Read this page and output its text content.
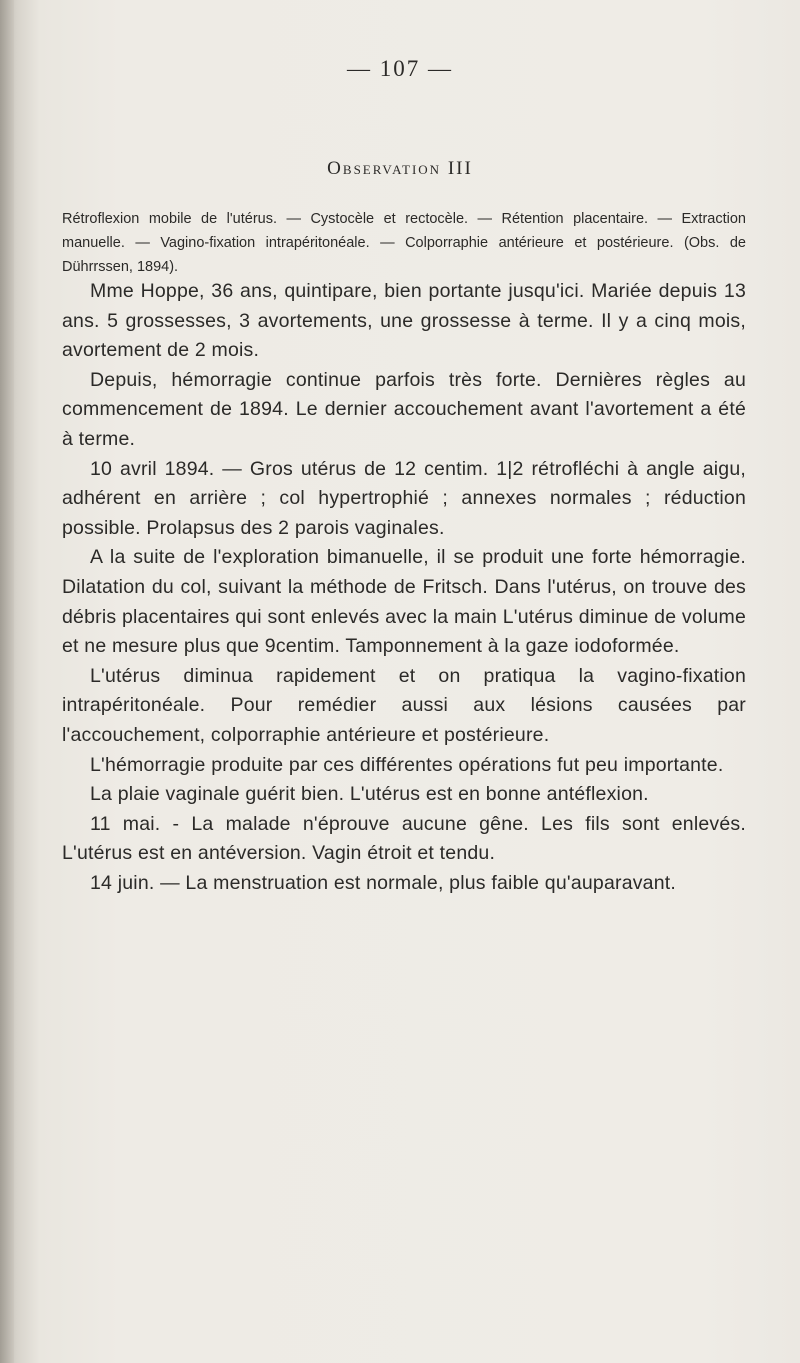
— 107 —
Observation III
Rétroflexion mobile de l'utérus. — Cystocèle et rectocèle. — Rétention placentaire. — Extraction manuelle. — Vagino-fixation intrapéritonéale. — Colporraphie antérieure et postérieure. (Obs. de Dührrssen, 1894).

Mme Hoppe, 36 ans, quintipare, bien portante jusqu'ici. Mariée depuis 13 ans. 5 grossesses, 3 avortements, une grossesse à terme. Il y a cinq mois, avortement de 2 mois.

Depuis, hémorragie continue parfois très forte. Dernières règles au commencement de 1894. Le dernier accouchement avant l'avortement a été à terme.

10 avril 1894. — Gros utérus de 12 centim. 1|2 rétrofléchi à angle aigu, adhérent en arrière ; col hypertrophié ; annexes normales ; réduction possible. Prolapsus des 2 parois vaginales.

A la suite de l'exploration bimanuelle, il se produit une forte hémorragie. Dilatation du col, suivant la méthode de Fritsch. Dans l'utérus, on trouve des débris placentaires qui sont enlevés avec la main L'utérus diminue de volume et ne mesure plus que 9centim. Tamponnement à la gaze iodoformée.

L'utérus diminua rapidement et on pratiqua la vagino-fixation intrapéritonéale. Pour remédier aussi aux lésions causées par l'accouchement, colporraphie antérieure et postérieure.

L'hémorragie produite par ces différentes opérations fut peu importante.

La plaie vaginale guérit bien. L'utérus est en bonne antéflexion.

11 mai. - La malade n'éprouve aucune gêne. Les fils sont enlevés. L'utérus est en antéversion. Vagin étroit et tendu.

14 juin. — La menstruation est normale, plus faible qu'auparavant.
